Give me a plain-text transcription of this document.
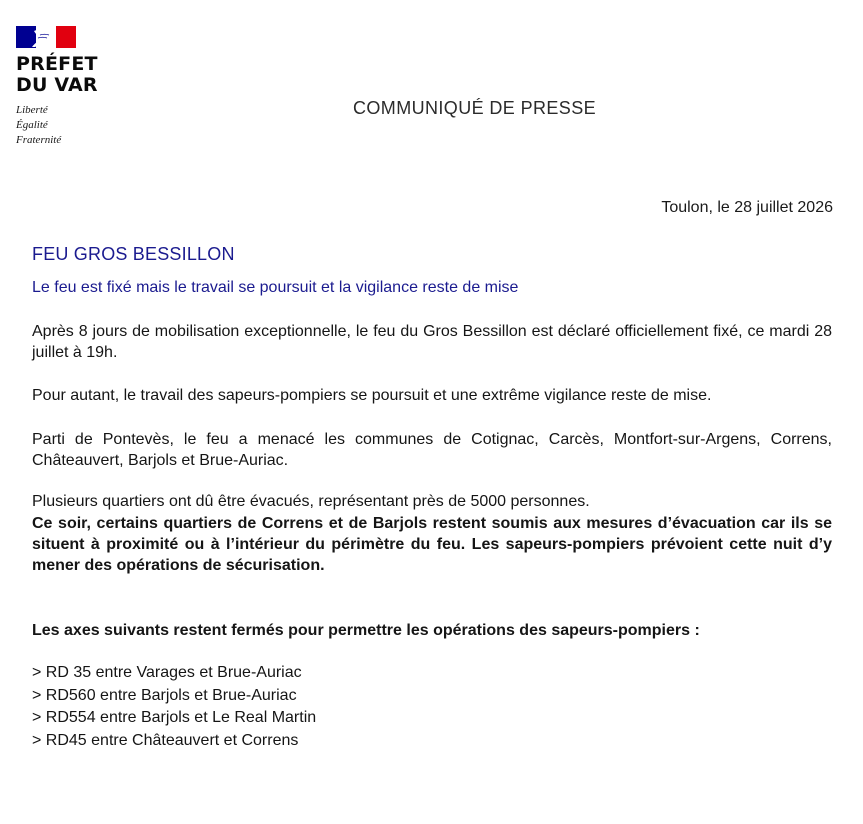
PRÉFET
DU VAR
Liberté
Égalité
Fraternité
COMMUNIQUÉ DE PRESSE
Toulon, le 28 juillet 2026
FEU GROS BESSILLON
Le feu est fixé mais le travail se poursuit et la vigilance reste de mise

Après 8 jours de mobilisation exceptionnelle, le feu du Gros Bessillon est déclaré officiellement fixé, ce mardi 28 juillet à 19h.

Pour autant, le travail des sapeurs-pompiers se poursuit et une extrême vigilance reste de mise.

Parti de Pontevès, le feu a menacé les communes de Cotignac, Carcès, Montfort-sur-Argens, Correns, Châteauvert, Barjols et Brue-Auriac.

Plusieurs quartiers ont dû être évacués, représentant près de 5000 personnes.

Ce soir, certains quartiers de Correns et de Barjols restent soumis aux mesures d’évacuation car ils se situent à proximité ou à l’intérieur du périmètre du feu. Les sapeurs-pompiers prévoient cette nuit d’y mener des opérations de sécurisation.

Les axes suivants restent fermés pour permettre les opérations des sapeurs-pompiers :
> RD 35 entre Varages et Brue-Auriac
> RD560 entre Barjols et Brue-Auriac
> RD554 entre Barjols et Le Real Martin
> RD45 entre Châteauvert et Correns
